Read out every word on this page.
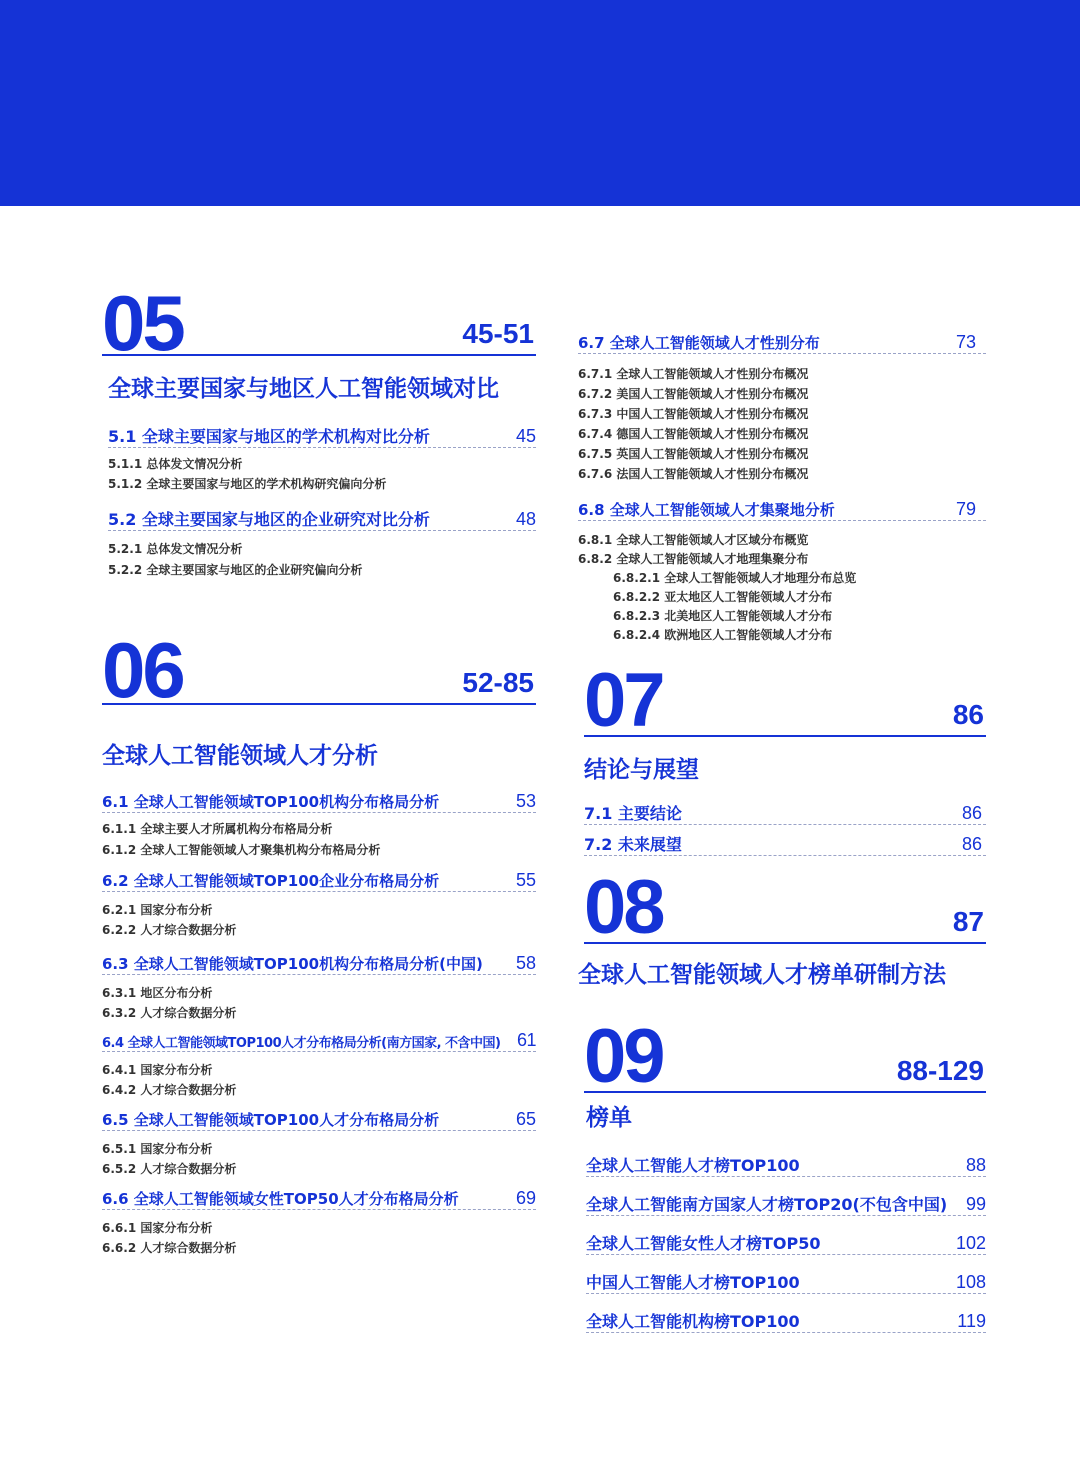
05	45-51
全球主要国家与地区人工智能领域对比
5.1 全球主要国家与地区的学术机构对比分析	45
5.1.1 总体发文情况分析
5.1.2 全球主要国家与地区的学术机构研究偏向分析
5.2 全球主要国家与地区的企业研究对比分析	48
5.2.1 总体发文情况分析
5.2.2 全球主要国家与地区的企业研究偏向分析
06	52-85
全球人工智能领域人才分析
6.1 全球人工智能领域TOP100机构分布格局分析	53
6.1.1 全球主要人才所属机构分布格局分析
6.1.2 全球人工智能领域人才聚集机构分布格局分析
6.2 全球人工智能领域TOP100企业分布格局分析	55
6.2.1 国家分布分析
6.2.2 人才综合数据分析
6.3 全球人工智能领域TOP100机构分布格局分析(中国) 58
6.3.1 地区分布分析
6.3.2 人才综合数据分析
6.4 全球人工智能领域TOP100人才分布格局分析(南方国家, 不含中国) 61
6.4.1 国家分布分析
6.4.2 人才综合数据分析
6.5 全球人工智能领域TOP100人才分布格局分析	65
6.5.1 国家分布分析
6.5.2 人才综合数据分析
6.6 全球人工智能领域女性TOP50人才分布格局分析	69
6.6.1 国家分布分析
6.6.2 人才综合数据分析
6.7 全球人工智能领域人才性别分布	73
6.7.1 全球人工智能领域人才性别分布概况
6.7.2 美国人工智能领域人才性别分布概况
6.7.3 中国人工智能领域人才性别分布概况
6.7.4 德国人工智能领域人才性别分布概况
6.7.5 英国人工智能领域人才性别分布概况
6.7.6 法国人工智能领域人才性别分布概况
6.8 全球人工智能领域人才集聚地分析	79
6.8.1 全球人工智能领域人才区域分布概览
6.8.2 全球人工智能领域人才地理集聚分布
6.8.2.1 全球人工智能领域人才地理分布总览
6.8.2.2 亚太地区人工智能领域人才分布
6.8.2.3 北美地区人工智能领域人才分布
6.8.2.4 欧洲地区人工智能领域人才分布
07	86
结论与展望
7.1 主要结论	86
7.2 未来展望	86
08	87
全球人工智能领域人才榜单研制方法
09	88-129
榜单
全球人工智能人才榜TOP100	88
全球人工智能南方国家人才榜TOP20(不包含中国) 99
全球人工智能女性人才榜TOP50	102
中国人工智能人才榜TOP100	108
全球人工智能机构榜TOP100	119
